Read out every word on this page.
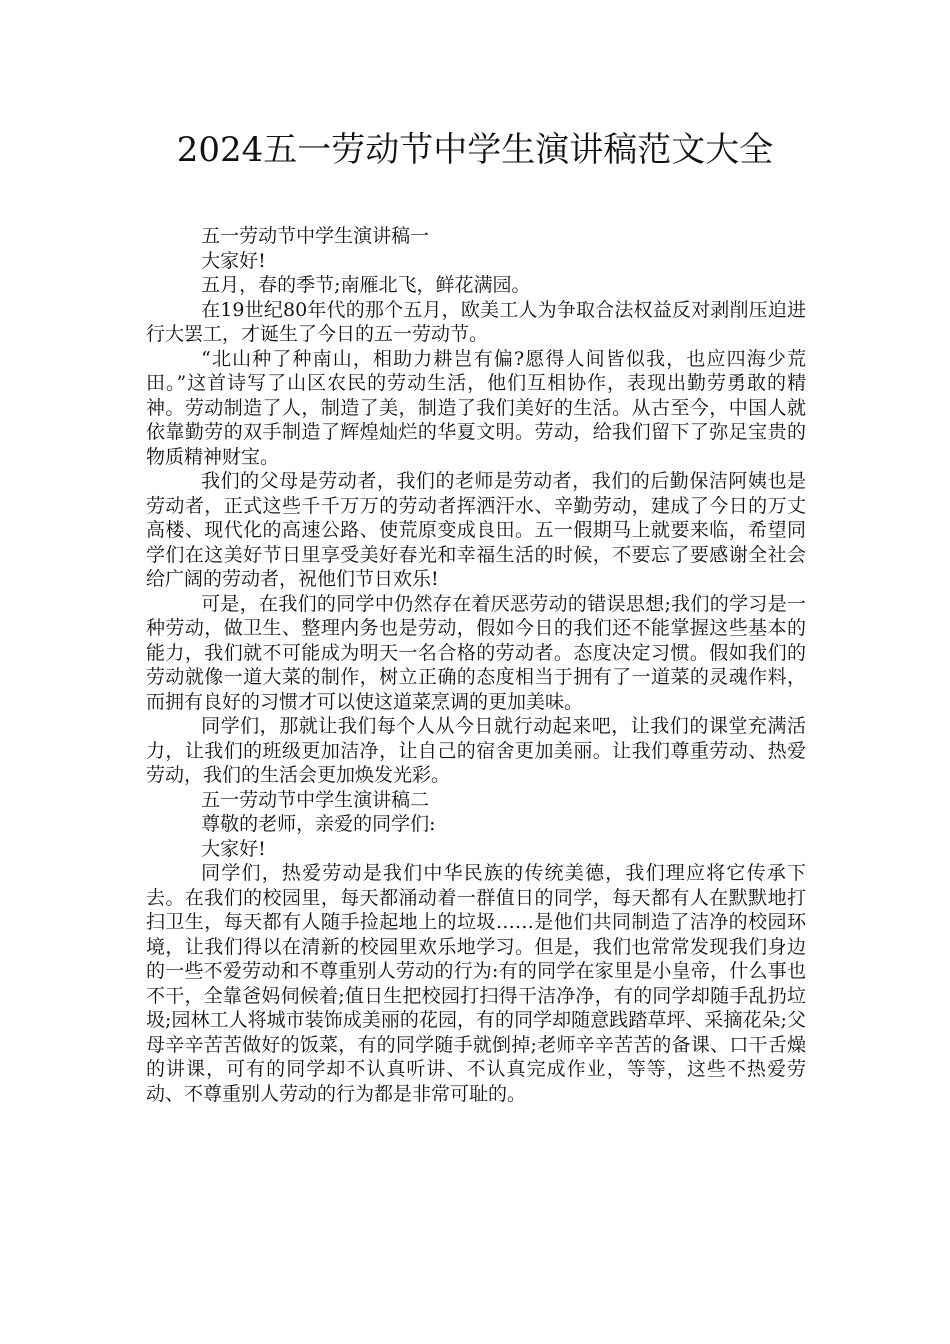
2024五一劳动节中学生演讲稿范文大全

五一劳动节中学生演讲稿一

大家好!

五月，春的季节;南雁北飞，鲜花满园。

在19世纪80年代的那个五月，欧美工人为争取合法权益反对剥削压迫进行大罢工，才诞生了今日的五一劳动节。

“北山种了种南山，相助力耕岂有偏?愿得人间皆似我，也应四海少荒田。”这首诗写了山区农民的劳动生活，他们互相协作，表现出勤劳勇敢的精神。劳动制造了人，制造了美，制造了我们美好的生活。从古至今，中国人就依靠勤劳的双手制造了辉煌灿烂的华夏文明。劳动，给我们留下了弥足宝贵的物质精神财宝。

我们的父母是劳动者，我们的老师是劳动者，我们的后勤保洁阿姨也是劳动者，正式这些千千万万的劳动者挥洒汗水、辛勤劳动，建成了今日的万丈高楼、现代化的高速公路、使荒原变成良田。五一假期马上就要来临，希望同学们在这美好节日里享受美好春光和幸福生活的时候，不要忘了要感谢全社会给广阔的劳动者，祝他们节日欢乐!

可是，在我们的同学中仍然存在着厌恶劳动的错误思想;我们的学习是一种劳动，做卫生、整理内务也是劳动，假如今日的我们还不能掌握这些基本的能力，我们就不可能成为明天一名合格的劳动者。态度决定习惯。假如我们的劳动就像一道大菜的制作，树立正确的态度相当于拥有了一道菜的灵魂作料，而拥有良好的习惯才可以使这道菜烹调的更加美味。

同学们，那就让我们每个人从今日就行动起来吧，让我们的课堂充满活力，让我们的班级更加洁净，让自己的宿舍更加美丽。让我们尊重劳动、热爱劳动，我们的生活会更加焕发光彩。

五一劳动节中学生演讲稿二

尊敬的老师，亲爱的同学们:

大家好!

同学们，热爱劳动是我们中华民族的传统美德，我们理应将它传承下去。在我们的校园里，每天都涌动着一群值日的同学，每天都有人在默默地打扫卫生，每天都有人随手捡起地上的垃圾……是他们共同制造了洁净的校园环境，让我们得以在清新的校园里欢乐地学习。但是，我们也常常发现我们身边的一些不爱劳动和不尊重别人劳动的行为:有的同学在家里是小皇帝，什么事也不干，全靠爸妈伺候着;值日生把校园打扫得干洁净净，有的同学却随手乱扔垃圾;园林工人将城市装饰成美丽的花园，有的同学却随意践踏草坪、采摘花朵;父母辛辛苦苦做好的饭菜，有的同学随手就倒掉;老师辛辛苦苦的备课、口干舌燥的讲课，可有的同学却不认真听讲、不认真完成作业，等等，这些不热爱劳动、不尊重别人劳动的行为都是非常可耻的。
